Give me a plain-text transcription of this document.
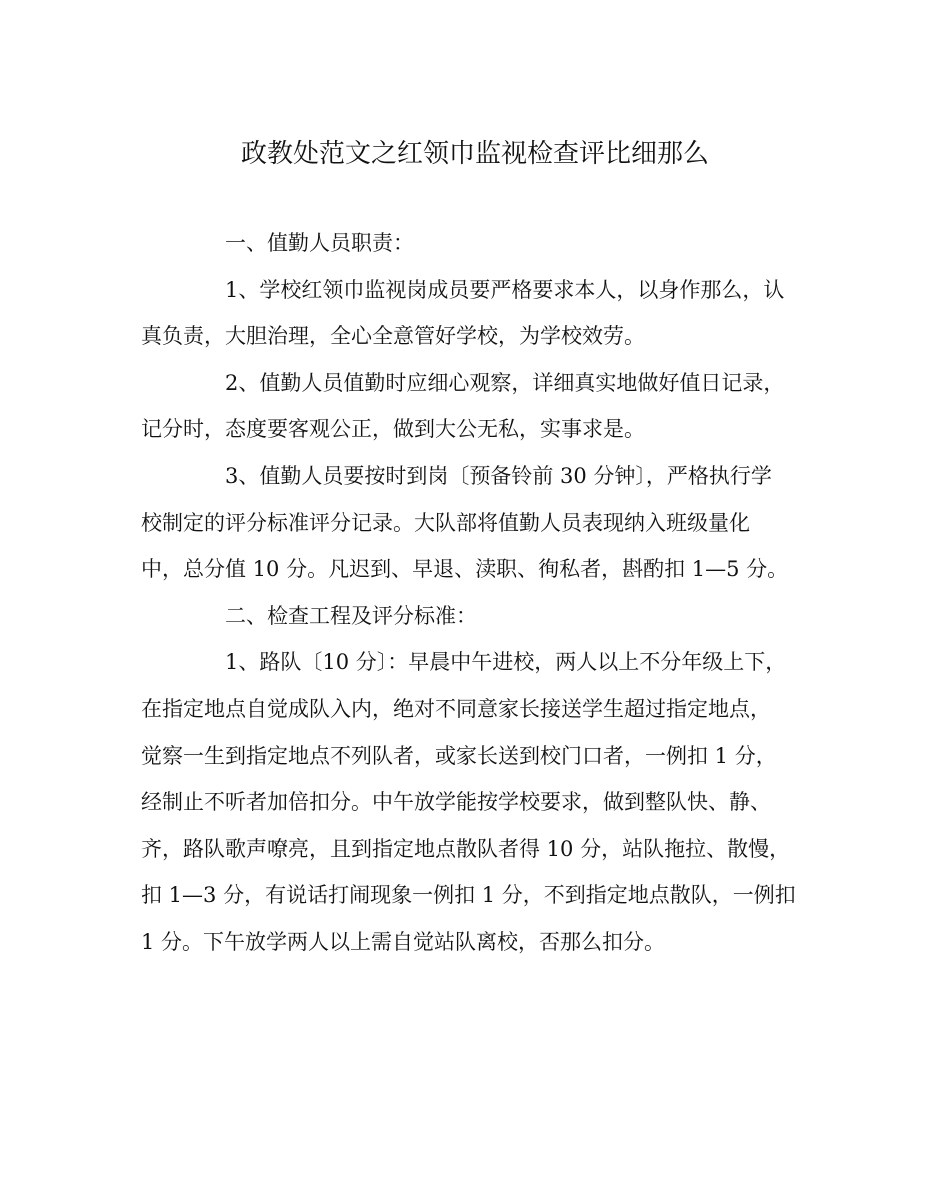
政教处范文之红领巾监视检查评比细那么
一、值勤人员职责：
1、学校红领巾监视岗成员要严格要求本人，以身作那么，认
真负责，大胆治理，全心全意管好学校，为学校效劳。
2、值勤人员值勤时应细心观察，详细真实地做好值日记录，
记分时，态度要客观公正，做到大公无私，实事求是。
3、值勤人员要按时到岗〔预备铃前 30 分钟〕，严格执行学
校制定的评分标准评分记录。大队部将值勤人员表现纳入班级量化
中，总分值 10 分。凡迟到、早退、渎职、徇私者，斟酌扣 1—5 分。
二、检查工程及评分标准：
1、路队〔10 分〕：早晨中午进校，两人以上不分年级上下，
在指定地点自觉成队入内，绝对不同意家长接送学生超过指定地点，
觉察一生到指定地点不列队者，或家长送到校门口者，一例扣 1 分，
经制止不听者加倍扣分。中午放学能按学校要求，做到整队快、静、
齐，路队歌声嘹亮，且到指定地点散队者得 10 分，站队拖拉、散慢，
扣 1—3 分，有说话打闹现象一例扣 1 分，不到指定地点散队，一例扣
1 分。下午放学两人以上需自觉站队离校，否那么扣分。
